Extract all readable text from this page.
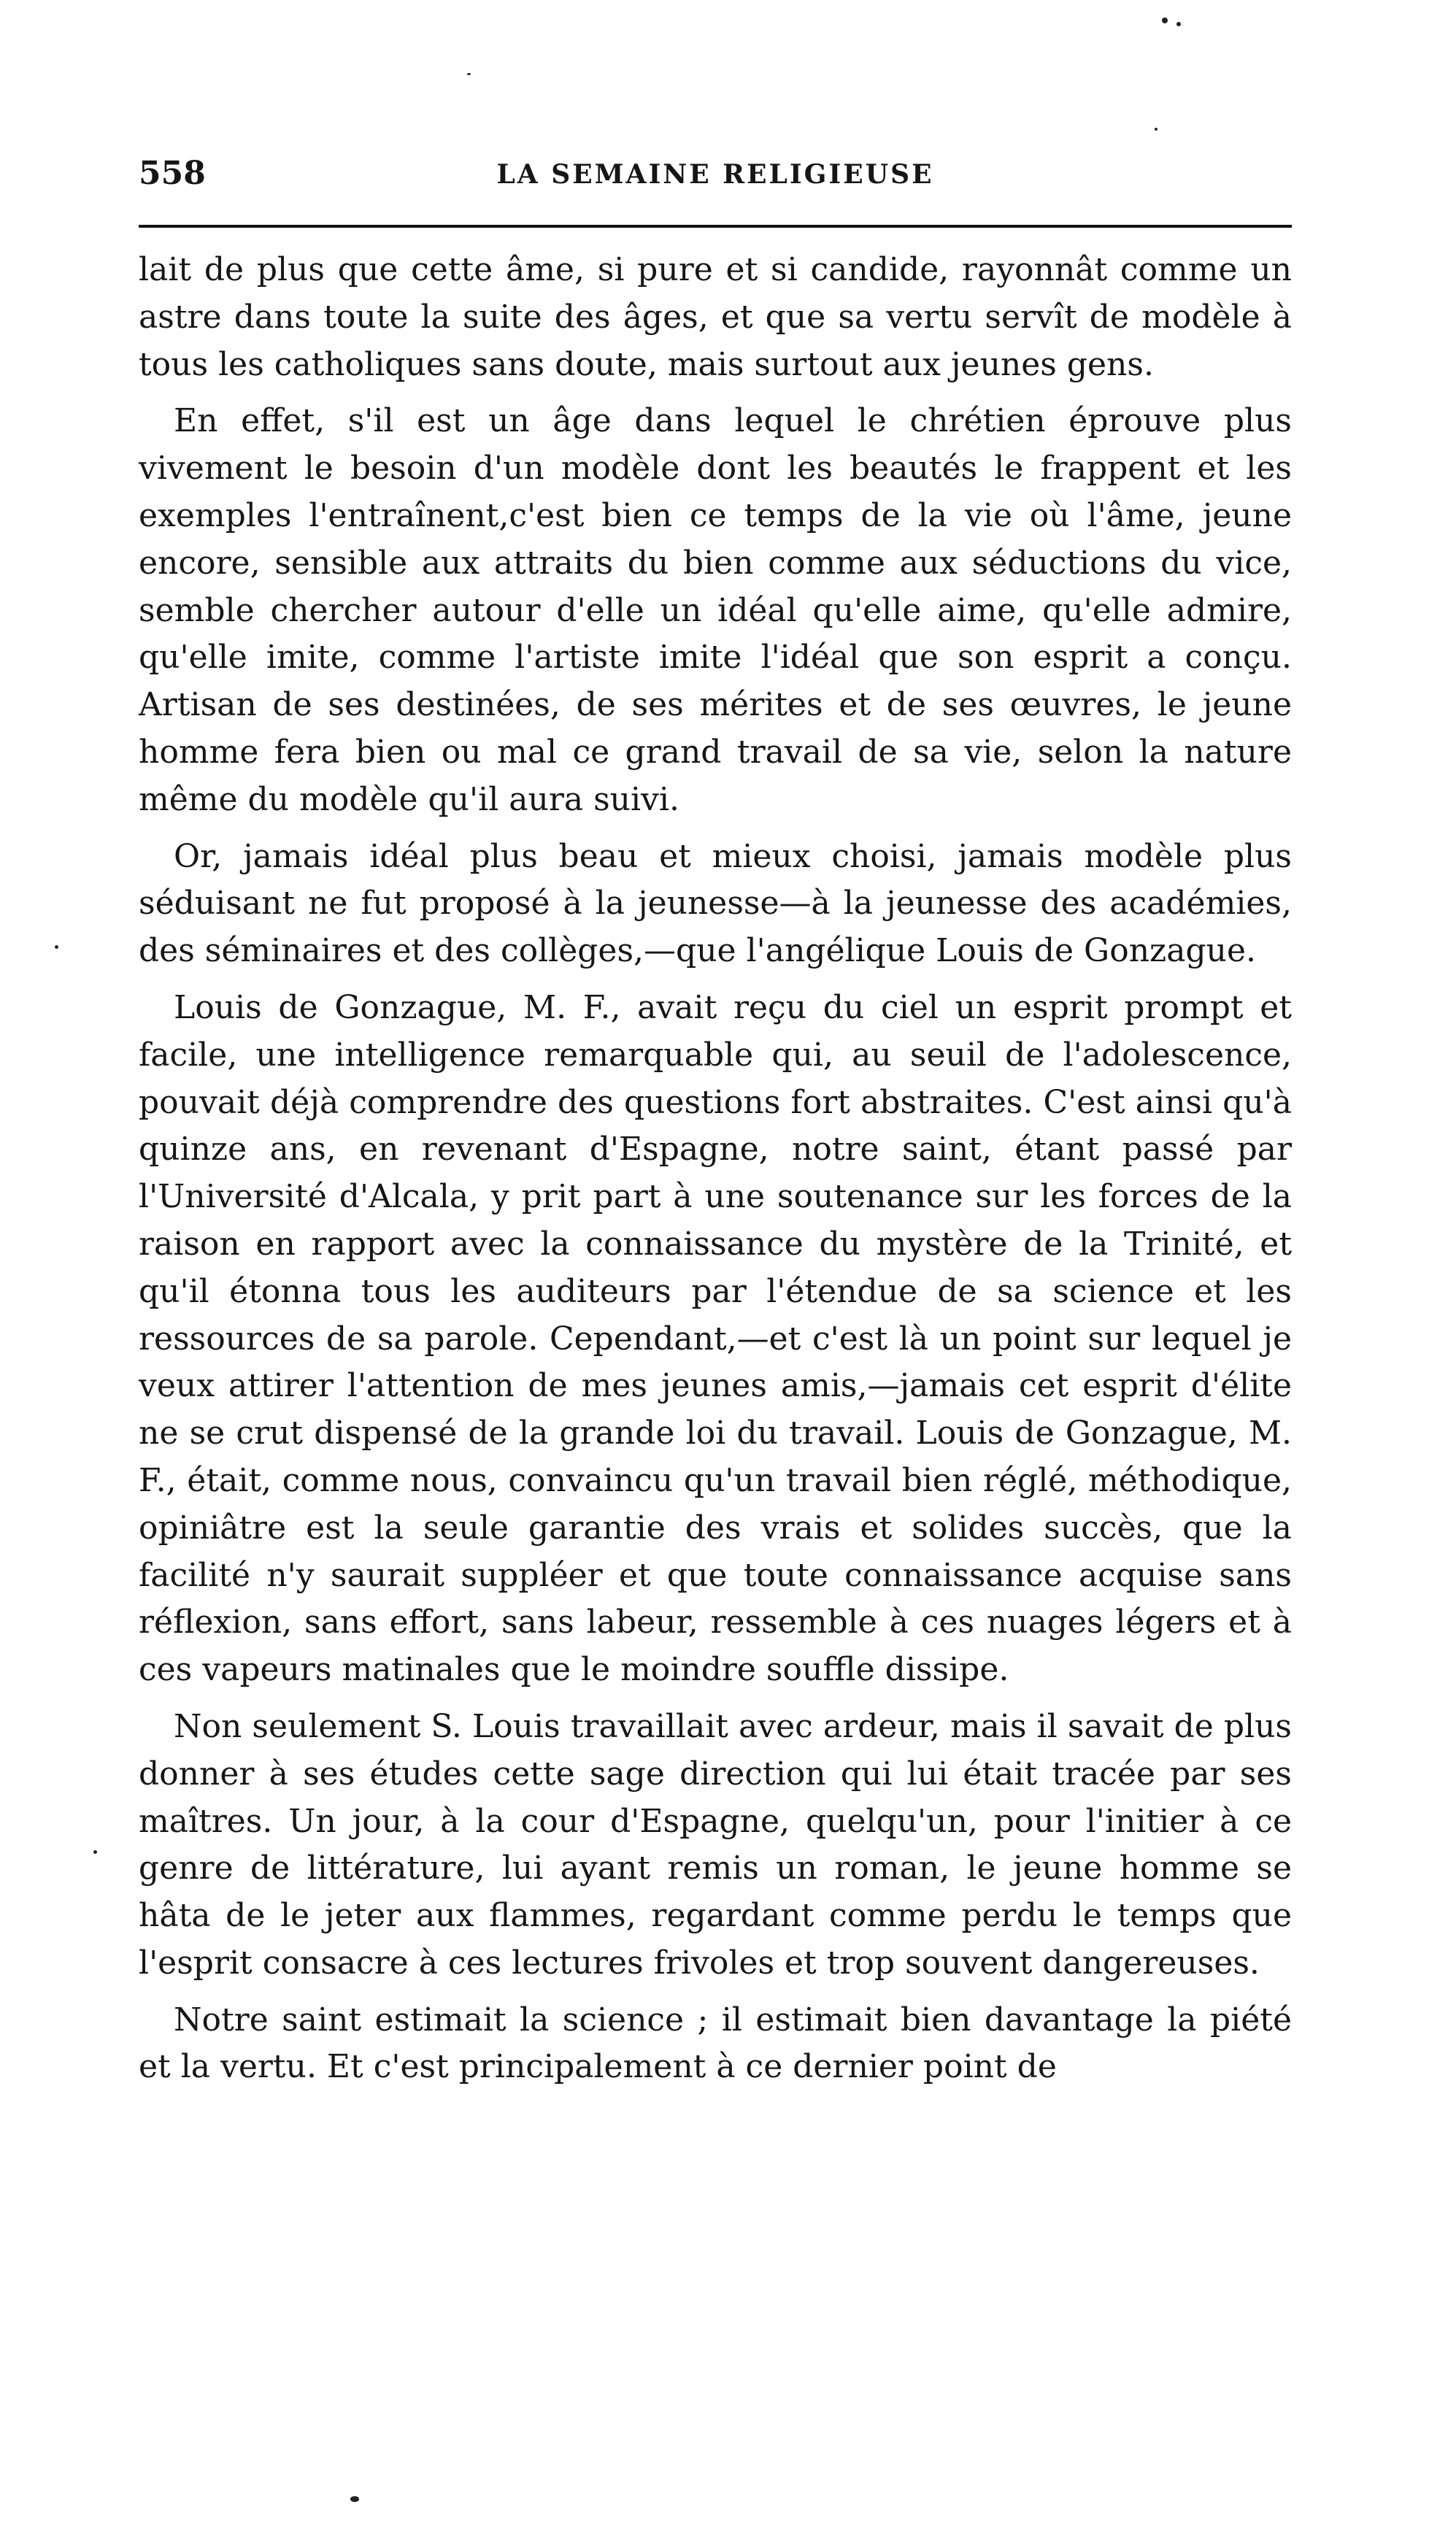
558	LA SEMAINE RELIGIEUSE

lait de plus que cette âme, si pure et si candide, rayonnât comme un astre dans toute la suite des âges, et que sa vertu servît de modèle à tous les catholiques sans doute, mais surtout aux jeunes gens.

En effet, s'il est un âge dans lequel le chrétien éprouve plus vivement le besoin d'un modèle dont les beautés le frappent et les exemples l'entraînent,c'est bien ce temps de la vie où l'âme, jeune encore, sensible aux attraits du bien comme aux séductions du vice, semble chercher autour d'elle un idéal qu'elle aime, qu'elle admire, qu'elle imite, comme l'artiste imite l'idéal que son esprit a conçu. Artisan de ses destinées, de ses mérites et de ses œuvres, le jeune homme fera bien ou mal ce grand travail de sa vie, selon la nature même du modèle qu'il aura suivi.

Or, jamais idéal plus beau et mieux choisi, jamais modèle plus séduisant ne fut proposé à la jeunesse—à la jeunesse des académies, des séminaires et des collèges,—que l'angélique Louis de Gonzague.

Louis de Gonzague, M. F., avait reçu du ciel un esprit prompt et facile, une intelligence remarquable qui, au seuil de l'adolescence, pouvait déjà comprendre des questions fort abstraites. C'est ainsi qu'à quinze ans, en revenant d'Espagne, notre saint, étant passé par l'Université d'Alcala, y prit part à une soutenance sur les forces de la raison en rapport avec la connaissance du mystère de la Trinité, et qu'il étonna tous les auditeurs par l'étendue de sa science et les ressources de sa parole. Cependant,—et c'est là un point sur lequel je veux attirer l'attention de mes jeunes amis,—jamais cet esprit d'élite ne se crut dispensé de la grande loi du travail. Louis de Gonzague, M. F., était, comme nous, convaincu qu'un travail bien réglé, méthodique, opiniâtre est la seule garantie des vrais et solides succès, que la facilité n'y saurait suppléer et que toute connaissance acquise sans réflexion, sans effort, sans labeur, ressemble à ces nuages légers et à ces vapeurs matinales que le moindre souffle dissipe.

Non seulement S. Louis travaillait avec ardeur, mais il savait de plus donner à ses études cette sage direction qui lui était tracée par ses maîtres. Un jour, à la cour d'Espagne, quelqu'un, pour l'initier à ce genre de littérature, lui ayant remis un roman, le jeune homme se hâta de le jeter aux flammes, regardant comme perdu le temps que l'esprit consacre à ces lectures frivoles et trop souvent dangereuses.

Notre saint estimait la science ; il estimait bien davantage la piété et la vertu. Et c'est principalement à ce dernier point de
